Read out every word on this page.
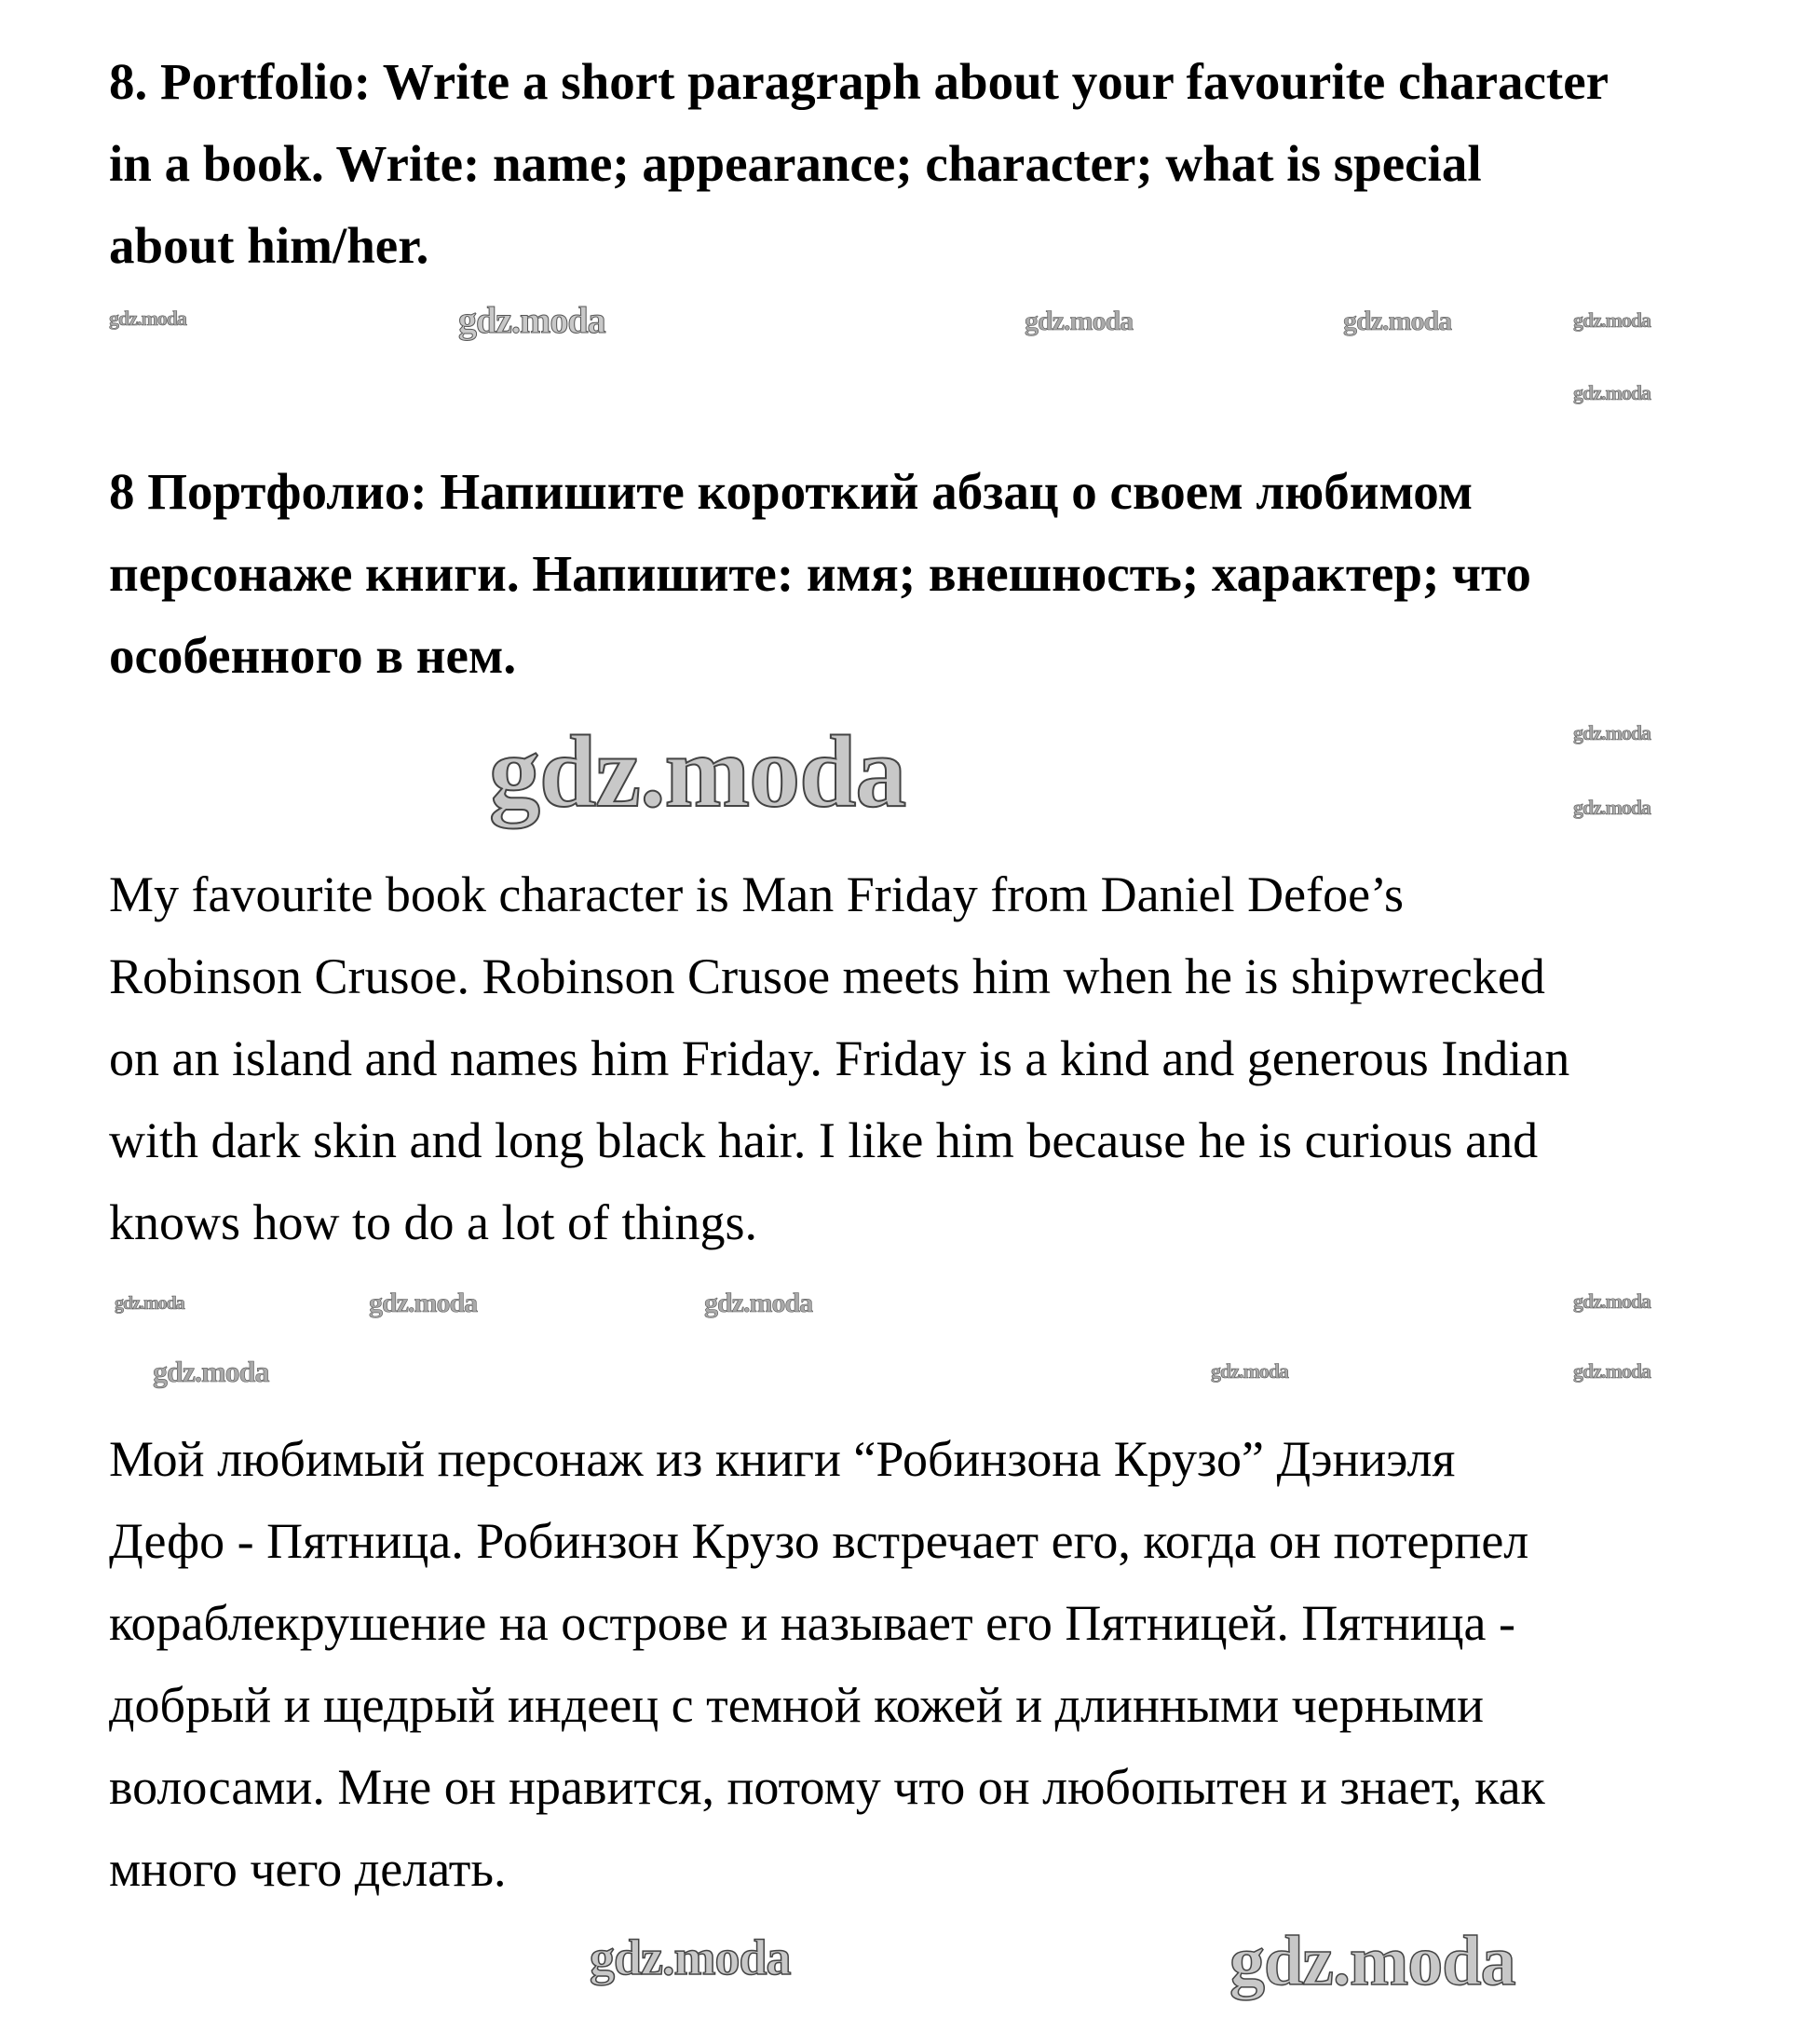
8. Portfolio: Write a short paragraph about your favourite character
in a book. Write: name; appearance; character; what is special
about him/her.
8 Портфолио: Напишите короткий абзац о своем любимом
персонаже книги. Напишите: имя; внешность; характер; что
особенного в нем.
My favourite book character is Man Friday from Daniel Defoe’s
Robinson Crusoe. Robinson Crusoe meets him when he is shipwrecked
on an island and names him Friday. Friday is a kind and generous Indian
with dark skin and long black hair. I like him because he is curious and
knows how to do a lot of things.
Мой любимый персонаж из книги “Робинзона Крузо” Дэниэля
Дефо - Пятница. Робинзон Крузо встречает его, когда он потерпел
кораблекрушение на острове и называет его Пятницей. Пятница -
добрый и щедрый индеец с темной кожей и длинными черными
волосами. Мне он нравится, потому что он любопытен и знает, как
много чего делать.
gdz.moda	gdz.moda	gdz.moda	gdz.moda	gdz.moda
gdz.moda
gdz.moda
gdz.moda
gdz.moda
gdz.moda
gdz.moda
gdz.moda
gdz.moda	gdz.moda	gdz.moda
gdz.moda
gdz.moda	gdz.moda
